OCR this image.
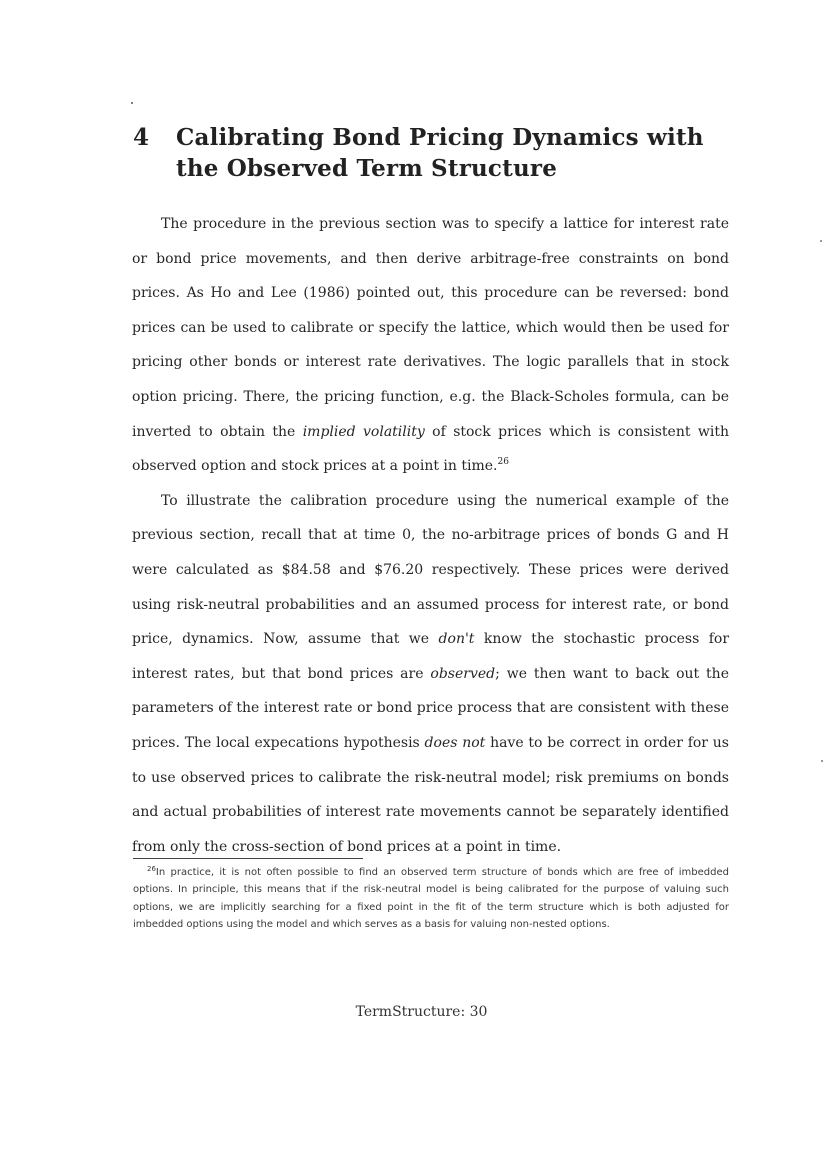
4 Calibrating Bond Pricing Dynamics with the Observed Term Structure

The procedure in the previous section was to specify a lattice for interest rate or bond price movements, and then derive arbitrage-free constraints on bond prices. As Ho and Lee (1986) pointed out, this procedure can be reversed: bond prices can be used to calibrate or specify the lattice, which would then be used for pricing other bonds or interest rate derivatives. The logic parallels that in stock option pricing. There, the pricing function, e.g. the Black-Scholes formula, can be inverted to obtain the implied volatility of stock prices which is consistent with observed option and stock prices at a point in time.$^{26}$

To illustrate the calibration procedure using the numerical example of the previous section, recall that at time 0, the no-arbitrage prices of bonds G and H were calculated as $84.58 and $76.20 respectively. These prices were derived using risk-neutral probabilities and an assumed process for interest rate, or bond price, dynamics. Now, assume that we don't know the stochastic process for interest rates, but that bond prices are observed; we then want to back out the parameters of the interest rate or bond price process that are consistent with these prices. The local expecations hypothesis does not have to be correct in order for us to use observed prices to calibrate the risk-neutral model; risk premiums on bonds and actual probabilities of interest rate movements cannot be separately identified from only the cross-section of bond prices at a point in time.

$^{26}$In practice, it is not often possible to find an observed term structure of bonds which are free of imbedded options. In principle, this means that if the risk-neutral model is being calibrated for the purpose of valuing such options, we are implicitly searching for a fixed point in the fit of the term structure which is both adjusted for imbedded options using the model and which serves as a basis for valuing non-nested options.
TermStructure: 30
